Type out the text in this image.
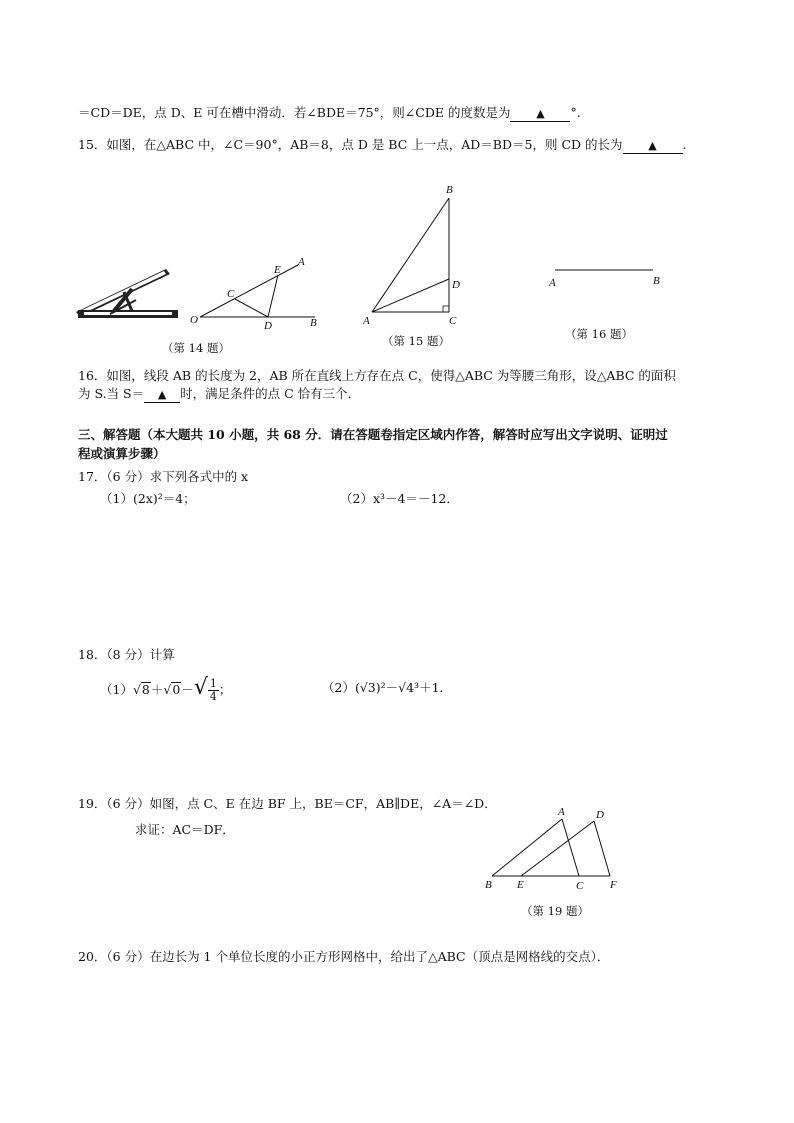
＝CD＝DE，点 D、E 可在槽中滑动．若∠BDE＝75°，则∠CDE 的度数是为 ▲ °.
15．如图，在△ABC 中，∠C＝90°，AB＝8，点 D 是 BC 上一点，AD＝BD＝5，则 CD 的长为 ▲ .
O
C
D
E
A
B
（第 14 题）
B
D
A	C
（第 15 题）
A	B
（第 16 题）
16．如图，线段 AB 的长度为 2，AB 所在直线上方存在点 C，使得△ABC 为等腰三角形，设△ABC 的面积
为 S.当 S＝ ▲ 时，满足条件的点 C 恰有三个．
三、解答题（本大题共 10 小题，共 68 分．请在答题卷指定区域内作答，解答时应写出文字说明、证明过
程或演算步骤）
17．（6 分）求下列各式中的 x
（1）(2x)²＝4；	（2）x³－4＝－12．
18．（8 分）计算
$(1)√8+√0-√ \frac{1}{4}$ ；	（2）(√3)²－√4³＋1．
19．（6 分）如图，点 C、E 在边 BF 上，BE＝CF，AB∥DE，∠A＝∠D．
求证：AC＝DF．
A	D
B E	C F
（第 19 题）
20．（6 分）在边长为 1 个单位长度的小正方形网格中，给出了△ABC（顶点是网格线的交点）．
